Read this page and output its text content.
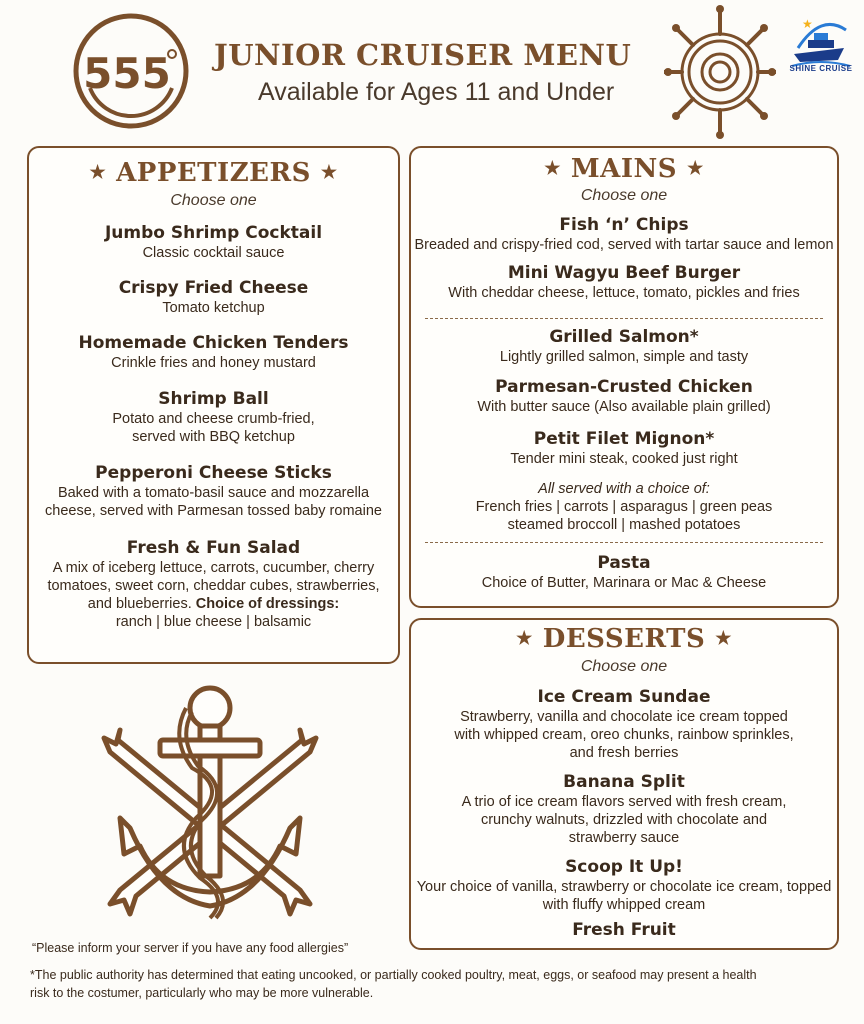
555 JUNIOR CRUISER MENU
Available for Ages 11 and Under
★
SHINE CRUISE
★ APPETIZERS ★
Choose one
Jumbo Shrimp Cocktail
Classic cocktail sauce
Crispy Fried Cheese
Tomato ketchup
Homemade Chicken Tenders
Crinkle fries and honey mustard
Shrimp Ball
Potato and cheese crumb-fried,
served with BBQ ketchup
Pepperoni Cheese Sticks
Baked with a tomato-basil sauce and mozzarella
cheese, served with Parmesan tossed baby romaine
Fresh & Fun Salad
A mix of iceberg lettuce, carrots, cucumber, cherry
tomatoes, sweet corn, cheddar cubes, strawberries,
and blueberries. Choice of dressings:
ranch | blue cheese | balsamic
★ MAINS ★
Choose one
Fish ‘n’ Chips
Breaded and crispy-fried cod, served with tartar sauce and lemon
Mini Wagyu Beef Burger
With cheddar cheese, lettuce, tomato, pickles and fries
Grilled Salmon*
Lightly grilled salmon, simple and tasty
Parmesan-Crusted Chicken
With butter sauce (Also available plain grilled)
Petit Filet Mignon*
Tender mini steak, cooked just right
All served with a choice of:
French fries | carrots | asparagus | green peas
steamed broccoll | mashed potatoes
Pasta
Choice of Butter, Marinara or Mac & Cheese
★ DESSERTS ★
Choose one
Ice Cream Sundae
Strawberry, vanilla and chocolate ice cream topped
with whipped cream, oreo chunks, rainbow sprinkles,
and fresh berries
Banana Split
A trio of ice cream flavors served with fresh cream,
crunchy walnuts, drizzled with chocolate and
strawberry sauce
Scoop It Up!
Your choice of vanilla, strawberry or chocolate ice cream, topped
with fluffy whipped cream
Fresh Fruit
“Please inform your server if you have any food allergies”
*The public authority has determined that eating uncooked, or partially cooked poultry, meat, eggs, or seafood may present a health
risk to the costumer, particularly who may be more vulnerable.
